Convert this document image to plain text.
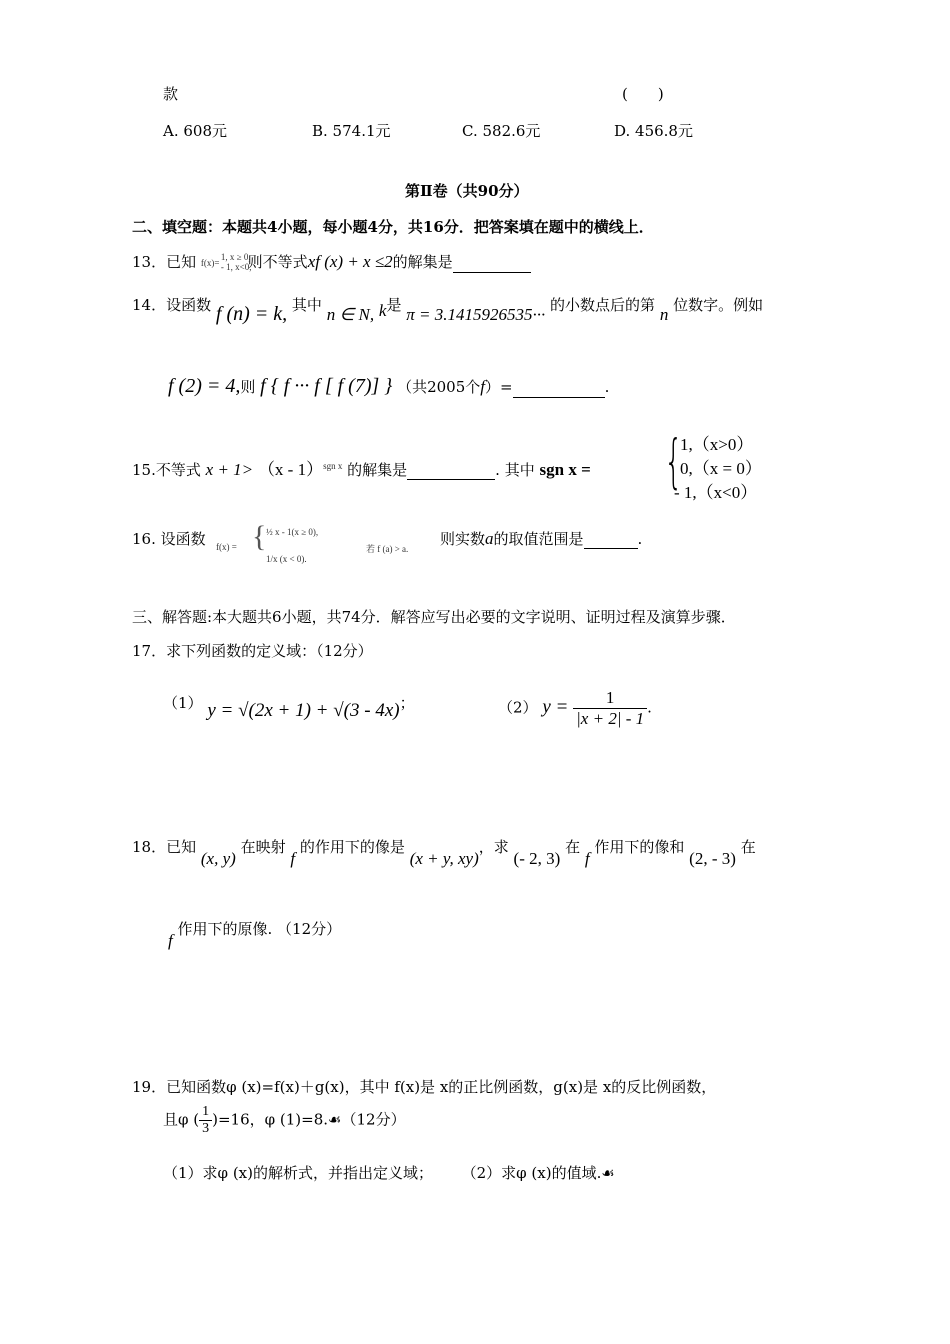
款	(　　)
A. 608元	B. 574.1元	C. 582.6元	D. 456.8元
第Ⅱ卷（共90分）
二、填空题：本题共4小题，每小题4分，共16分．把答案填在题中的横线上．
13．已知 f(x)=
1, x ≥ 0,
- 1, x<0,
则不等式xf (x) + x ≤2的解集是
14．设函数 f (n) = k, 其中 n ∈ N, k是 π = 3.1415926535··· 的小数点后的第 n 位数字。例如
f (2) = 4,则 f { f ··· f [ f (7)] } （共2005个f）=	.
15.不等式 x + 1> （x - 1）$^{sgn x}$ 的解集是	. 其中 sgn x = {
1,（x>0）
0,（x = 0）
- 1,（x<0）
16. 设函数 f(x) = { ½ x - 1(x ≥ 0),
1/x (x < 0).
若 f (a) > a.
则实数a的取值范围是	.
三、解答题:本大题共6小题，共74分．解答应写出必要的文字说明、证明过程及演算步骤．
17．求下列函数的定义域：（12分）
（1） y = √(2x + 1) + √(3 - 4x)；	（2） $y = \frac{1}{|x + 2| - 1}$ .
18．已知 (x, y) 在映射 f 的作用下的像是 (x + y, xy)，求 (- 2, 3) 在 f 作用下的像和 (2, - 3) 在
f 作用下的原像. （12分）
19．已知函数φ (x)=f(x)＋g(x)，其中 f(x)是 x的正比例函数，g(x)是 x的反比例函数，
且φ ( $\frac{1}{3} )=16$，φ (1)=8.☙（12分）
（1）求φ (x)的解析式，并指出定义域； （2）求φ (x)的值域.☙
